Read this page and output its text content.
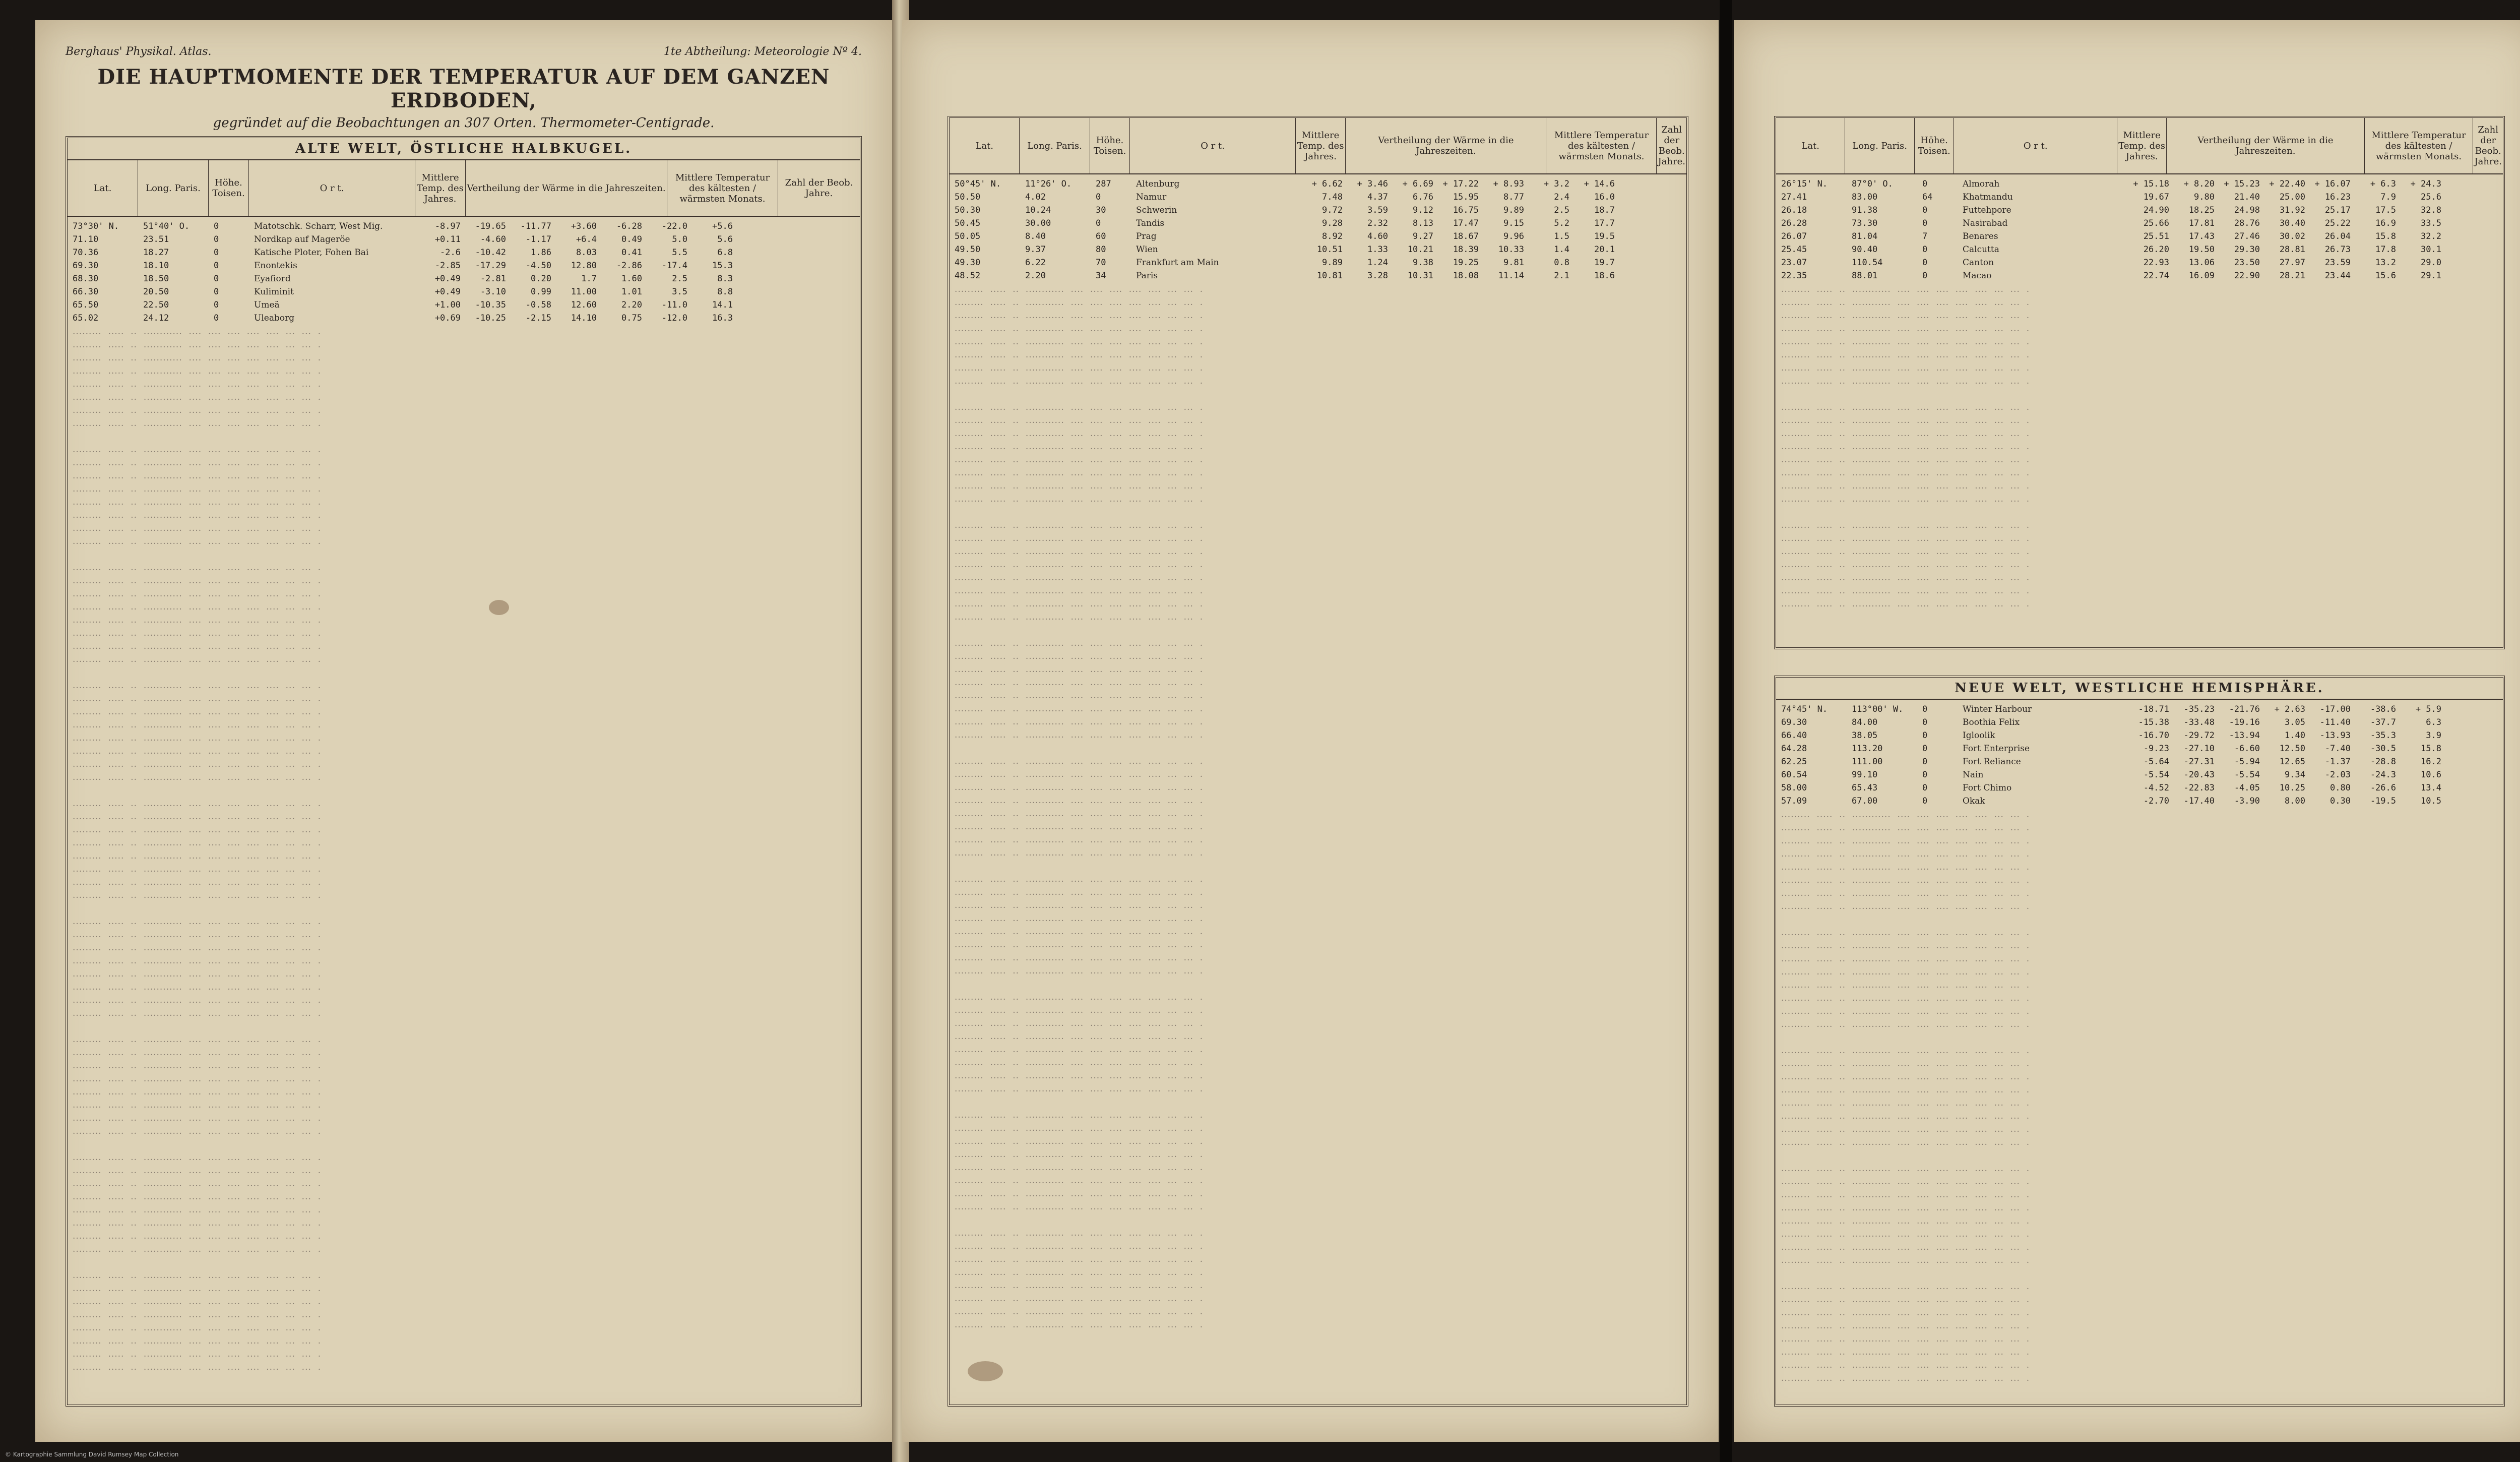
Berghaus' Physikal. Atlas.	1te Abtheilung: Meteorologie Nº 4.
DIE HAUPTMOMENTE DER TEMPERATUR AUF DEM GANZEN ERDBODEN,
gegründet auf die Beobachtungen an 307 Orten. Thermometer-Centigrade.
ALTE WELT, ÖSTLICHE HALBKUGEL.
Lat.	Long. Paris.	Höhe. Toisen.	O r t.
Mittlere Temp. des Jahres.
Vertheilung der Wärme in die Jahreszeiten.
Mittlere Temperatur des kältesten / wärmsten Monats.
Zahl der Beob. Jahre.
73°30' N.	51°40' O.	0	Matotschk. Scharr, West Mig.	-8.97	-19.65	-11.77	+3.60	-6.28	-22.0	+5.6
71.10	23.51	0	Nordkap auf Mageröe	+0.11	-4.60	-1.17	+6.4	0.49	5.0	5.6
70.36	18.27	0	Katische Ploter, Fohen Bai	-2.6	-10.42	1.86	8.03	0.41	5.5	6.8
69.30	18.10	0	Enontekis	-2.85	-17.29	-4.50	12.80	-2.86	-17.4	15.3
68.30	18.50	0	Eyafiord	+0.49	-2.81	0.20	1.7	1.60	2.5	8.3
66.30	20.50	0	Kuliminit	+0.49	-3.10	0.99	11.00	1.01	3.5	8.8
65.50	22.50	0	Umeä	+1.00	-10.35	-0.58	12.60	2.20	-11.0	14.1
65.02	24.12	0	Uleaborg	+0.69	-10.25	-2.15	14.10	0.75	-12.0	16.3
·········  ·····  ··  ············  ····  ····  ····  ····  ····  ···  ···  ·
·········  ·····  ··  ············  ····  ····  ····  ····  ····  ···  ···  ·
·········  ·····  ··  ············  ····  ····  ····  ····  ····  ···  ···  ·
·········  ·····  ··  ············  ····  ····  ····  ····  ····  ···  ···  ·
·········  ·····  ··  ············  ····  ····  ····  ····  ····  ···  ···  ·
·········  ·····  ··  ············  ····  ····  ····  ····  ····  ···  ···  ·
·········  ·····  ··  ············  ····  ····  ····  ····  ····  ···  ···  ·
·········  ·····  ··  ············  ····  ····  ····  ····  ····  ···  ···  ·

·········  ·····  ··  ············  ····  ····  ····  ····  ····  ···  ···  ·
·········  ·····  ··  ············  ····  ····  ····  ····  ····  ···  ···  ·
·········  ·····  ··  ············  ····  ····  ····  ····  ····  ···  ···  ·
·········  ·····  ··  ············  ····  ····  ····  ····  ····  ···  ···  ·
·········  ·····  ··  ············  ····  ····  ····  ····  ····  ···  ···  ·
·········  ·····  ··  ············  ····  ····  ····  ····  ····  ···  ···  ·
·········  ·····  ··  ············  ····  ····  ····  ····  ····  ···  ···  ·
·········  ·····  ··  ············  ····  ····  ····  ····  ····  ···  ···  ·

·········  ·····  ··  ············  ····  ····  ····  ····  ····  ···  ···  ·
·········  ·····  ··  ············  ····  ····  ····  ····  ····  ···  ···  ·
·········  ·····  ··  ············  ····  ····  ····  ····  ····  ···  ···  ·
·········  ·····  ··  ············  ····  ····  ····  ····  ····  ···  ···  ·
·········  ·····  ··  ············  ····  ····  ····  ····  ····  ···  ···  ·
·········  ·····  ··  ············  ····  ····  ····  ····  ····  ···  ···  ·
·········  ·····  ··  ············  ····  ····  ····  ····  ····  ···  ···  ·
·········  ·····  ··  ············  ····  ····  ····  ····  ····  ···  ···  ·

·········  ·····  ··  ············  ····  ····  ····  ····  ····  ···  ···  ·
·········  ·····  ··  ············  ····  ····  ····  ····  ····  ···  ···  ·
·········  ·····  ··  ············  ····  ····  ····  ····  ····  ···  ···  ·
·········  ·····  ··  ············  ····  ····  ····  ····  ····  ···  ···  ·
·········  ·····  ··  ············  ····  ····  ····  ····  ····  ···  ···  ·
·········  ·····  ··  ············  ····  ····  ····  ····  ····  ···  ···  ·
·········  ·····  ··  ············  ····  ····  ····  ····  ····  ···  ···  ·
·········  ·····  ··  ············  ····  ····  ····  ····  ····  ···  ···  ·

·········  ·····  ··  ············  ····  ····  ····  ····  ····  ···  ···  ·
·········  ·····  ··  ············  ····  ····  ····  ····  ····  ···  ···  ·
·········  ·····  ··  ············  ····  ····  ····  ····  ····  ···  ···  ·
·········  ·····  ··  ············  ····  ····  ····  ····  ····  ···  ···  ·
·········  ·····  ··  ············  ····  ····  ····  ····  ····  ···  ···  ·
·········  ·····  ··  ············  ····  ····  ····  ····  ····  ···  ···  ·
·········  ·····  ··  ············  ····  ····  ····  ····  ····  ···  ···  ·
·········  ·····  ··  ············  ····  ····  ····  ····  ····  ···  ···  ·

·········  ·····  ··  ············  ····  ····  ····  ····  ····  ···  ···  ·
·········  ·····  ··  ············  ····  ····  ····  ····  ····  ···  ···  ·
·········  ·····  ··  ············  ····  ····  ····  ····  ····  ···  ···  ·
·········  ·····  ··  ············  ····  ····  ····  ····  ····  ···  ···  ·
·········  ·····  ··  ············  ····  ····  ····  ····  ····  ···  ···  ·
·········  ·····  ··  ············  ····  ····  ····  ····  ····  ···  ···  ·
·········  ·····  ··  ············  ····  ····  ····  ····  ····  ···  ···  ·
·········  ·····  ··  ············  ····  ····  ····  ····  ····  ···  ···  ·

·········  ·····  ··  ············  ····  ····  ····  ····  ····  ···  ···  ·
·········  ·····  ··  ············  ····  ····  ····  ····  ····  ···  ···  ·
·········  ·····  ··  ············  ····  ····  ····  ····  ····  ···  ···  ·
·········  ·····  ··  ············  ····  ····  ····  ····  ····  ···  ···  ·
·········  ·····  ··  ············  ····  ····  ····  ····  ····  ···  ···  ·
·········  ·····  ··  ············  ····  ····  ····  ····  ····  ···  ···  ·
·········  ·····  ··  ············  ····  ····  ····  ····  ····  ···  ···  ·
·········  ·····  ··  ············  ····  ····  ····  ····  ····  ···  ···  ·

·········  ·····  ··  ············  ····  ····  ····  ····  ····  ···  ···  ·
·········  ·····  ··  ············  ····  ····  ····  ····  ····  ···  ···  ·
·········  ·····  ··  ············  ····  ····  ····  ····  ····  ···  ···  ·
·········  ·····  ··  ············  ····  ····  ····  ····  ····  ···  ···  ·
·········  ·····  ··  ············  ····  ····  ····  ····  ····  ···  ···  ·
·········  ·····  ··  ············  ····  ····  ····  ····  ····  ···  ···  ·
·········  ·····  ··  ············  ····  ····  ····  ····  ····  ···  ···  ·
·········  ·····  ··  ············  ····  ····  ····  ····  ····  ···  ···  ·

·········  ·····  ··  ············  ····  ····  ····  ····  ····  ···  ···  ·
·········  ·····  ··  ············  ····  ····  ····  ····  ····  ···  ···  ·
·········  ·····  ··  ············  ····  ····  ····  ····  ····  ···  ···  ·
·········  ·····  ··  ············  ····  ····  ····  ····  ····  ···  ···  ·
·········  ·····  ··  ············  ····  ····  ····  ····  ····  ···  ···  ·
·········  ·····  ··  ············  ····  ····  ····  ····  ····  ···  ···  ·
·········  ·····  ··  ············  ····  ····  ····  ····  ····  ···  ···  ·
·········  ·····  ··  ············  ····  ····  ····  ····  ····  ···  ···  ·
Lat.	Long. Paris.	Höhe. Toisen.	O r t.
Mittlere Temp. des Jahres.
Vertheilung der Wärme in die Jahreszeiten.
Mittlere Temperatur des kältesten / wärmsten Monats.
Zahl der Beob. Jahre.
50°45' N.	11°26' O.	287	Altenburg	+ 6.62	+ 3.46	+ 6.69	+ 17.22	+ 8.93	+ 3.2	+ 14.6
50.50	4.02	0	Namur	7.48	4.37	6.76	15.95	8.77	2.4	16.0
50.30	10.24	30	Schwerin	9.72	3.59	9.12	16.75	9.89	2.5	18.7
50.45	30.00	0	Tandis	9.28	2.32	8.13	17.47	9.15	5.2	17.7
50.05	8.40	60	Prag	8.92	4.60	9.27	18.67	9.96	1.5	19.5
49.50	9.37	80	Wien	10.51	1.33	10.21	18.39	10.33	1.4	20.1
49.30	6.22	70	Frankfurt am Main	9.89	1.24	9.38	19.25	9.81	0.8	19.7
48.52	2.20	34	Paris	10.81	3.28	10.31	18.08	11.14	2.1	18.6
·········  ·····  ··  ············  ····  ····  ····  ····  ····  ···  ···  ·
·········  ·····  ··  ············  ····  ····  ····  ····  ····  ···  ···  ·
·········  ·····  ··  ············  ····  ····  ····  ····  ····  ···  ···  ·
·········  ·····  ··  ············  ····  ····  ····  ····  ····  ···  ···  ·
·········  ·····  ··  ············  ····  ····  ····  ····  ····  ···  ···  ·
·········  ·····  ··  ············  ····  ····  ····  ····  ····  ···  ···  ·
·········  ·····  ··  ············  ····  ····  ····  ····  ····  ···  ···  ·
·········  ·····  ··  ············  ····  ····  ····  ····  ····  ···  ···  ·

·········  ·····  ··  ············  ····  ····  ····  ····  ····  ···  ···  ·
·········  ·····  ··  ············  ····  ····  ····  ····  ····  ···  ···  ·
·········  ·····  ··  ············  ····  ····  ····  ····  ····  ···  ···  ·
·········  ·····  ··  ············  ····  ····  ····  ····  ····  ···  ···  ·
·········  ·····  ··  ············  ····  ····  ····  ····  ····  ···  ···  ·
·········  ·····  ··  ············  ····  ····  ····  ····  ····  ···  ···  ·
·········  ·····  ··  ············  ····  ····  ····  ····  ····  ···  ···  ·
·········  ·····  ··  ············  ····  ····  ····  ····  ····  ···  ···  ·

·········  ·····  ··  ············  ····  ····  ····  ····  ····  ···  ···  ·
·········  ·····  ··  ············  ····  ····  ····  ····  ····  ···  ···  ·
·········  ·····  ··  ············  ····  ····  ····  ····  ····  ···  ···  ·
·········  ·····  ··  ············  ····  ····  ····  ····  ····  ···  ···  ·
·········  ·····  ··  ············  ····  ····  ····  ····  ····  ···  ···  ·
·········  ·····  ··  ············  ····  ····  ····  ····  ····  ···  ···  ·
·········  ·····  ··  ············  ····  ····  ····  ····  ····  ···  ···  ·
·········  ·····  ··  ············  ····  ····  ····  ····  ····  ···  ···  ·

·········  ·····  ··  ············  ····  ····  ····  ····  ····  ···  ···  ·
·········  ·····  ··  ············  ····  ····  ····  ····  ····  ···  ···  ·
·········  ·····  ··  ············  ····  ····  ····  ····  ····  ···  ···  ·
·········  ·····  ··  ············  ····  ····  ····  ····  ····  ···  ···  ·
·········  ·····  ··  ············  ····  ····  ····  ····  ····  ···  ···  ·
·········  ·····  ··  ············  ····  ····  ····  ····  ····  ···  ···  ·
·········  ·····  ··  ············  ····  ····  ····  ····  ····  ···  ···  ·
·········  ·····  ··  ············  ····  ····  ····  ····  ····  ···  ···  ·

·········  ·····  ··  ············  ····  ····  ····  ····  ····  ···  ···  ·
·········  ·····  ··  ············  ····  ····  ····  ····  ····  ···  ···  ·
·········  ·····  ··  ············  ····  ····  ····  ····  ····  ···  ···  ·
·········  ·····  ··  ············  ····  ····  ····  ····  ····  ···  ···  ·
·········  ·····  ··  ············  ····  ····  ····  ····  ····  ···  ···  ·
·········  ·····  ··  ············  ····  ····  ····  ····  ····  ···  ···  ·
·········  ·····  ··  ············  ····  ····  ····  ····  ····  ···  ···  ·
·········  ·····  ··  ············  ····  ····  ····  ····  ····  ···  ···  ·

·········  ·····  ··  ············  ····  ····  ····  ····  ····  ···  ···  ·
·········  ·····  ··  ············  ····  ····  ····  ····  ····  ···  ···  ·
·········  ·····  ··  ············  ····  ····  ····  ····  ····  ···  ···  ·
·········  ·····  ··  ············  ····  ····  ····  ····  ····  ···  ···  ·
·········  ·····  ··  ············  ····  ····  ····  ····  ····  ···  ···  ·
·········  ·····  ··  ············  ····  ····  ····  ····  ····  ···  ···  ·
·········  ·····  ··  ············  ····  ····  ····  ····  ····  ···  ···  ·
·········  ·····  ··  ············  ····  ····  ····  ····  ····  ···  ···  ·

·········  ·····  ··  ············  ····  ····  ····  ····  ····  ···  ···  ·
·········  ·····  ··  ············  ····  ····  ····  ····  ····  ···  ···  ·
·········  ·····  ··  ············  ····  ····  ····  ····  ····  ···  ···  ·
·········  ·····  ··  ············  ····  ····  ····  ····  ····  ···  ···  ·
·········  ·····  ··  ············  ····  ····  ····  ····  ····  ···  ···  ·
·········  ·····  ··  ············  ····  ····  ····  ····  ····  ···  ···  ·
·········  ·····  ··  ············  ····  ····  ····  ····  ····  ···  ···  ·
·········  ·····  ··  ············  ····  ····  ····  ····  ····  ···  ···  ·

·········  ·····  ··  ············  ····  ····  ····  ····  ····  ···  ···  ·
·········  ·····  ··  ············  ····  ····  ····  ····  ····  ···  ···  ·
·········  ·····  ··  ············  ····  ····  ····  ····  ····  ···  ···  ·
·········  ·····  ··  ············  ····  ····  ····  ····  ····  ···  ···  ·
·········  ·····  ··  ············  ····  ····  ····  ····  ····  ···  ···  ·
·········  ·····  ··  ············  ····  ····  ····  ····  ····  ···  ···  ·
·········  ·····  ··  ············  ····  ····  ····  ····  ····  ···  ···  ·
·········  ·····  ··  ············  ····  ····  ····  ····  ····  ···  ···  ·

·········  ·····  ··  ············  ····  ····  ····  ····  ····  ···  ···  ·
·········  ·····  ··  ············  ····  ····  ····  ····  ····  ···  ···  ·
·········  ·····  ··  ············  ····  ····  ····  ····  ····  ···  ···  ·
·········  ·····  ··  ············  ····  ····  ····  ····  ····  ···  ···  ·
·········  ·····  ··  ············  ····  ····  ····  ····  ····  ···  ···  ·
·········  ·····  ··  ············  ····  ····  ····  ····  ····  ···  ···  ·
·········  ·····  ··  ············  ····  ····  ····  ····  ····  ···  ···  ·
·········  ·····  ··  ············  ····  ····  ····  ····  ····  ···  ···  ·
Lat.	Long. Paris.	Höhe. Toisen.	O r t.
Mittlere Temp. des Jahres.
Vertheilung der Wärme in die Jahreszeiten.
Mittlere Temperatur des kältesten / wärmsten Monats.
Zahl der Beob. Jahre.
26°15' N.	87°0' O.	0	Almorah	+ 15.18	+ 8.20	+ 15.23	+ 22.40	+ 16.07	+ 6.3	+ 24.3
27.41	83.00	64	Khatmandu	19.67	9.80	21.40	25.00	16.23	7.9	25.6
26.18	91.38	0	Futtehpore	24.90	18.25	24.98	31.92	25.17	17.5	32.8
26.28	73.30	0	Nasirabad	25.66	17.81	28.76	30.40	25.22	16.9	33.5
26.07	81.04	7	Benares	25.51	17.43	27.46	30.02	26.04	15.8	32.2
25.45	90.40	0	Calcutta	26.20	19.50	29.30	28.81	26.73	17.8	30.1
23.07	110.54	0	Canton	22.93	13.06	23.50	27.97	23.59	13.2	29.0
22.35	88.01	0	Macao	22.74	16.09	22.90	28.21	23.44	15.6	29.1
·········  ·····  ··  ············  ····  ····  ····  ····  ····  ···  ···  ·
·········  ·····  ··  ············  ····  ····  ····  ····  ····  ···  ···  ·
·········  ·····  ··  ············  ····  ····  ····  ····  ····  ···  ···  ·
·········  ·····  ··  ············  ····  ····  ····  ····  ····  ···  ···  ·
·········  ·····  ··  ············  ····  ····  ····  ····  ····  ···  ···  ·
·········  ·····  ··  ············  ····  ····  ····  ····  ····  ···  ···  ·
·········  ·····  ··  ············  ····  ····  ····  ····  ····  ···  ···  ·
·········  ·····  ··  ············  ····  ····  ····  ····  ····  ···  ···  ·

·········  ·····  ··  ············  ····  ····  ····  ····  ····  ···  ···  ·
·········  ·····  ··  ············  ····  ····  ····  ····  ····  ···  ···  ·
·········  ·····  ··  ············  ····  ····  ····  ····  ····  ···  ···  ·
·········  ·····  ··  ············  ····  ····  ····  ····  ····  ···  ···  ·
·········  ·····  ··  ············  ····  ····  ····  ····  ····  ···  ···  ·
·········  ·····  ··  ············  ····  ····  ····  ····  ····  ···  ···  ·
·········  ·····  ··  ············  ····  ····  ····  ····  ····  ···  ···  ·
·········  ·····  ··  ············  ····  ····  ····  ····  ····  ···  ···  ·

·········  ·····  ··  ············  ····  ····  ····  ····  ····  ···  ···  ·
·········  ·····  ··  ············  ····  ····  ····  ····  ····  ···  ···  ·
·········  ·····  ··  ············  ····  ····  ····  ····  ····  ···  ···  ·
·········  ·····  ··  ············  ····  ····  ····  ····  ····  ···  ···  ·
·········  ·····  ··  ············  ····  ····  ····  ····  ····  ···  ···  ·
·········  ·····  ··  ············  ····  ····  ····  ····  ····  ···  ···  ·
·········  ·····  ··  ············  ····  ····  ····  ····  ····  ···  ···  ·
NEUE WELT, WESTLICHE HEMISPHÄRE.
74°45' N.	113°00' W.	0	Winter Harbour	-18.71	-35.23	-21.76	+ 2.63	-17.00	-38.6	+ 5.9
69.30	84.00	0	Boothia Felix	-15.38	-33.48	-19.16	3.05	-11.40	-37.7	6.3
66.40	38.05	0	Igloolik	-16.70	-29.72	-13.94	1.40	-13.93	-35.3	3.9
64.28	113.20	0	Fort Enterprise	-9.23	-27.10	-6.60	12.50	-7.40	-30.5	15.8
62.25	111.00	0	Fort Reliance	-5.64	-27.31	-5.94	12.65	-1.37	-28.8	16.2
60.54	99.10	0	Nain	-5.54	-20.43	-5.54	9.34	-2.03	-24.3	10.6
58.00	65.43	0	Fort Chimo	-4.52	-22.83	-4.05	10.25	0.80	-26.6	13.4
57.09	67.00	0	Okak	-2.70	-17.40	-3.90	8.00	0.30	-19.5	10.5
·········  ·····  ··  ············  ····  ····  ····  ····  ····  ···  ···  ·
·········  ·····  ··  ············  ····  ····  ····  ····  ····  ···  ···  ·
·········  ·····  ··  ············  ····  ····  ····  ····  ····  ···  ···  ·
·········  ·····  ··  ············  ····  ····  ····  ····  ····  ···  ···  ·
·········  ·····  ··  ············  ····  ····  ····  ····  ····  ···  ···  ·
·········  ·····  ··  ············  ····  ····  ····  ····  ····  ···  ···  ·
·········  ·····  ··  ············  ····  ····  ····  ····  ····  ···  ···  ·
·········  ·····  ··  ············  ····  ····  ····  ····  ····  ···  ···  ·

·········  ·····  ··  ············  ····  ····  ····  ····  ····  ···  ···  ·
·········  ·····  ··  ············  ····  ····  ····  ····  ····  ···  ···  ·
·········  ·····  ··  ············  ····  ····  ····  ····  ····  ···  ···  ·
·········  ·····  ··  ············  ····  ····  ····  ····  ····  ···  ···  ·
·········  ·····  ··  ············  ····  ····  ····  ····  ····  ···  ···  ·
·········  ·····  ··  ············  ····  ····  ····  ····  ····  ···  ···  ·
·········  ·····  ··  ············  ····  ····  ····  ····  ····  ···  ···  ·
·········  ·····  ··  ············  ····  ····  ····  ····  ····  ···  ···  ·

·········  ·····  ··  ············  ····  ····  ····  ····  ····  ···  ···  ·
·········  ·····  ··  ············  ····  ····  ····  ····  ····  ···  ···  ·
·········  ·····  ··  ············  ····  ····  ····  ····  ····  ···  ···  ·
·········  ·····  ··  ············  ····  ····  ····  ····  ····  ···  ···  ·
·········  ·····  ··  ············  ····  ····  ····  ····  ····  ···  ···  ·
·········  ·····  ··  ············  ····  ····  ····  ····  ····  ···  ···  ·
·········  ·····  ··  ············  ····  ····  ····  ····  ····  ···  ···  ·
·········  ·····  ··  ············  ····  ····  ····  ····  ····  ···  ···  ·

·········  ·····  ··  ············  ····  ····  ····  ····  ····  ···  ···  ·
·········  ·····  ··  ············  ····  ····  ····  ····  ····  ···  ···  ·
·········  ·····  ··  ············  ····  ····  ····  ····  ····  ···  ···  ·
·········  ·····  ··  ············  ····  ····  ····  ····  ····  ···  ···  ·
·········  ·····  ··  ············  ····  ····  ····  ····  ····  ···  ···  ·
·········  ·····  ··  ············  ····  ····  ····  ····  ····  ···  ···  ·
·········  ·····  ··  ············  ····  ····  ····  ····  ····  ···  ···  ·
·········  ·····  ··  ············  ····  ····  ····  ····  ····  ···  ···  ·

·········  ·····  ··  ············  ····  ····  ····  ····  ····  ···  ···  ·
·········  ·····  ··  ············  ····  ····  ····  ····  ····  ···  ···  ·
·········  ·····  ··  ············  ····  ····  ····  ····  ····  ···  ···  ·
·········  ·····  ··  ············  ····  ····  ····  ····  ····  ···  ···  ·
·········  ·····  ··  ············  ····  ····  ····  ····  ····  ···  ···  ·
·········  ·····  ··  ············  ····  ····  ····  ····  ····  ···  ···  ·
·········  ·····  ··  ············  ····  ····  ····  ····  ····  ···  ···  ·
·········  ·····  ··  ············  ····  ····  ····  ····  ····  ···  ···  ·

© Kartographie Sammlung David Rumsey Map Collection
